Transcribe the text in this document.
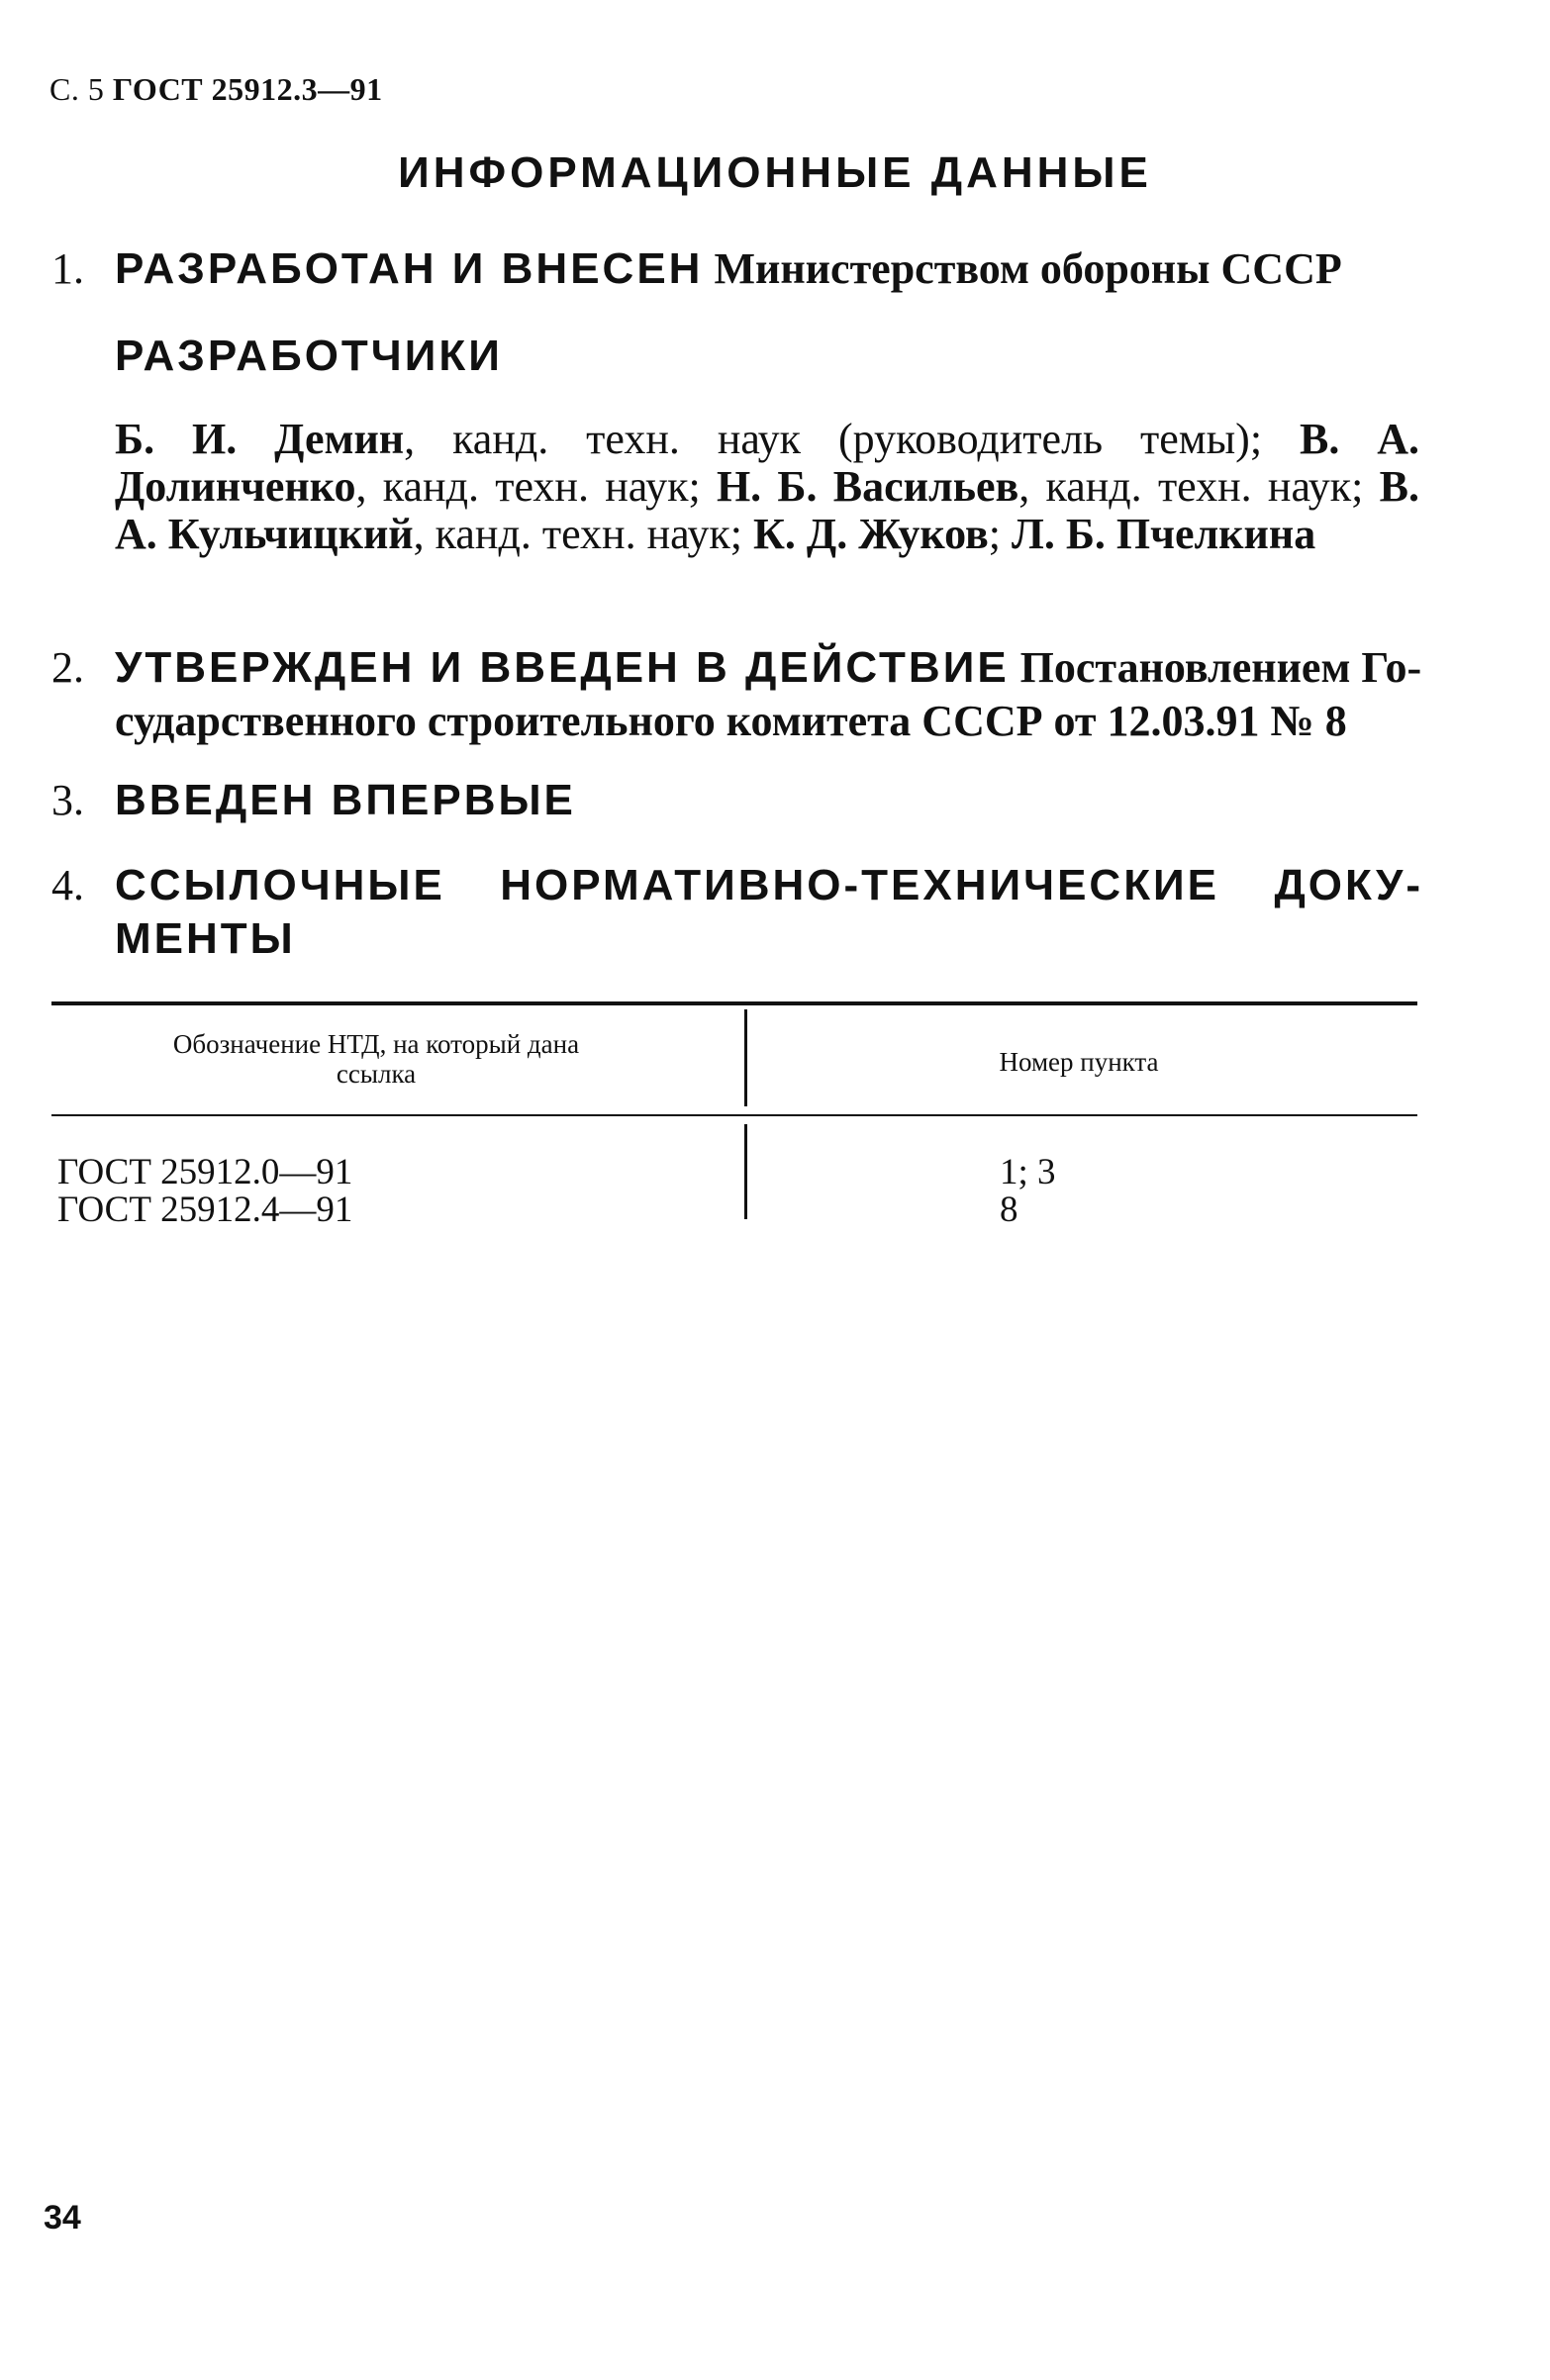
С. 5 ГОСТ 25912.3—91
ИНФОРМАЦИОННЫЕ ДАННЫЕ
1. РАЗРАБОТАН И ВНЕСЕН Министерством обороны СССР
РАЗРАБОТЧИКИ
Б. И. Демин, канд. техн. наук (руководитель темы); В. А. Долинченко, канд. техн. наук; Н. Б. Васильев, канд. техн. наук; В. А. Кульчицкий, канд. техн. наук; К. Д. Жуков; Л. Б. Пчелкина
2. УТВЕРЖДЕН И ВВЕДЕН В ДЕЙСТВИЕ Постановлением Го-
сударственного строительного комитета СССР от 12.03.91 № 8
3. ВВЕДЕН ВПЕРВЫЕ
4. ССЫЛОЧНЫЕ НОРМАТИВНО-ТЕХНИЧЕСКИЕ ДОКУ-
МЕНТЫ
Обозначение НТД, на который дана ссылка	Номер пункта
ГОСТ 25912.0—91	1; 3
ГОСТ 25912.4—91	8
34
